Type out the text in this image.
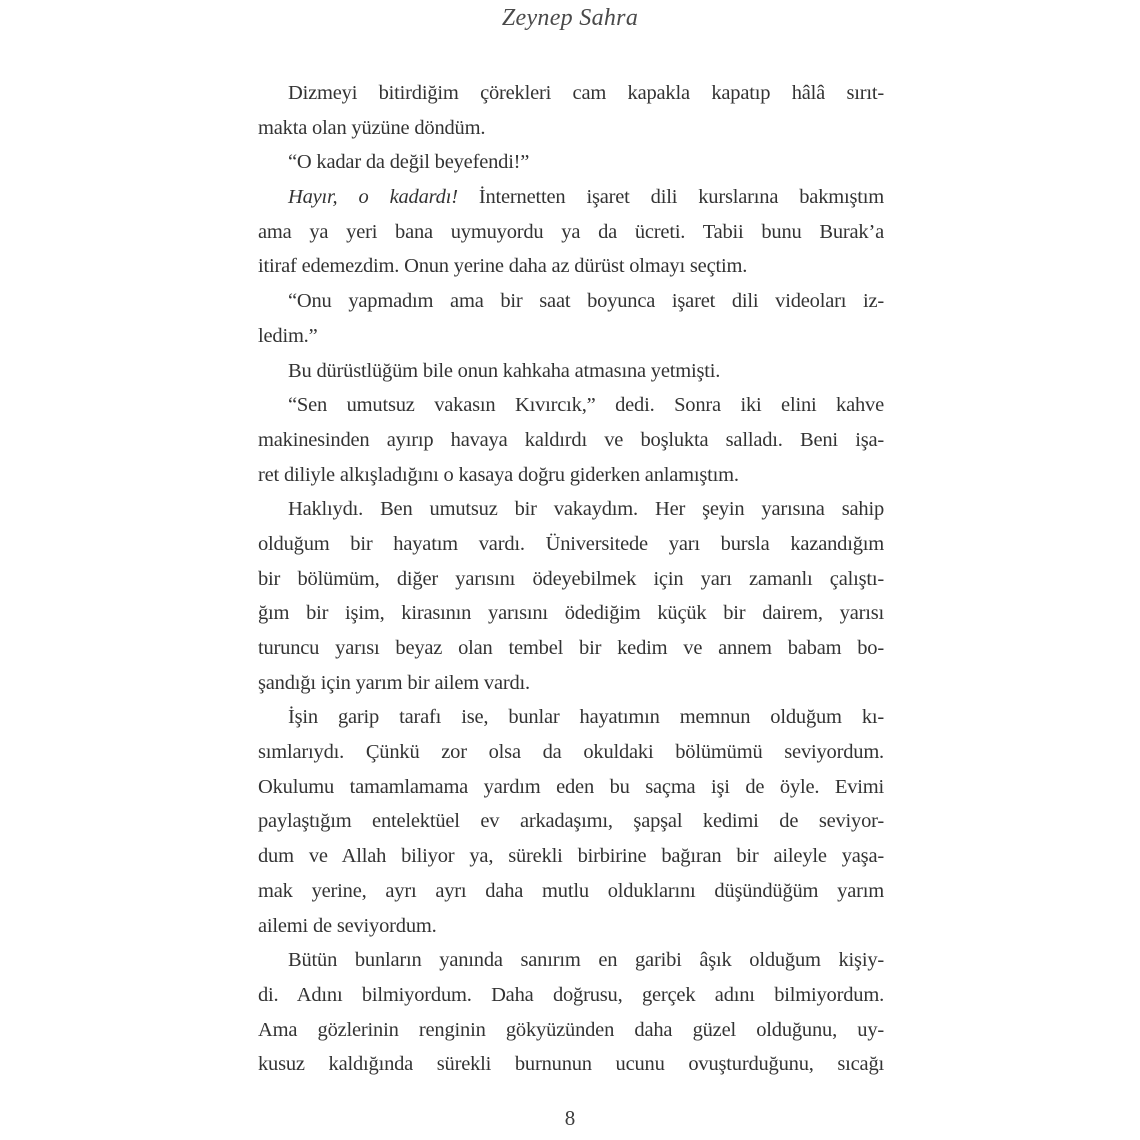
Zeynep Sahra
Dizmeyi bitirdiğim çörekleri cam kapakla kapatıp hâlâ sırıt-
makta olan yüzüne döndüm.
“O kadar da değil beyefendi!”
Hayır, o kadardı! İnternetten işaret dili kurslarına bakmıştım
ama ya yeri bana uymuyordu ya da ücreti. Tabii bunu Burak’a
itiraf edemezdim. Onun yerine daha az dürüst olmayı seçtim.
“Onu yapmadım ama bir saat boyunca işaret dili videoları iz-
ledim.”
Bu dürüstlüğüm bile onun kahkaha atmasına yetmişti.
“Sen umutsuz vakasın Kıvırcık,” dedi. Sonra iki elini kahve
makinesinden ayırıp havaya kaldırdı ve boşlukta salladı. Beni işa-
ret diliyle alkışladığını o kasaya doğru giderken anlamıştım.
Haklıydı. Ben umutsuz bir vakaydım. Her şeyin yarısına sahip
olduğum bir hayatım vardı. Üniversitede yarı bursla kazandığım
bir bölümüm, diğer yarısını ödeyebilmek için yarı zamanlı çalıştı-
ğım bir işim, kirasının yarısını ödediğim küçük bir dairem, yarısı
turuncu yarısı beyaz olan tembel bir kedim ve annem babam bo-
şandığı için yarım bir ailem vardı.
İşin garip tarafı ise, bunlar hayatımın memnun olduğum kı-
sımlarıydı. Çünkü zor olsa da okuldaki bölümümü seviyordum.
Okulumu tamamlamama yardım eden bu saçma işi de öyle. Evimi
paylaştığım entelektüel ev arkadaşımı, şapşal kedimi de seviyor-
dum ve Allah biliyor ya, sürekli birbirine bağıran bir aileyle yaşa-
mak yerine, ayrı ayrı daha mutlu olduklarını düşündüğüm yarım
ailemi de seviyordum.
Bütün bunların yanında sanırım en garibi âşık olduğum kişiy-
di. Adını bilmiyordum. Daha doğrusu, gerçek adını bilmiyordum.
Ama gözlerinin renginin gökyüzünden daha güzel olduğunu, uy-
kusuz kaldığında sürekli burnunun ucunu ovuşturduğunu, sıcağı
8
